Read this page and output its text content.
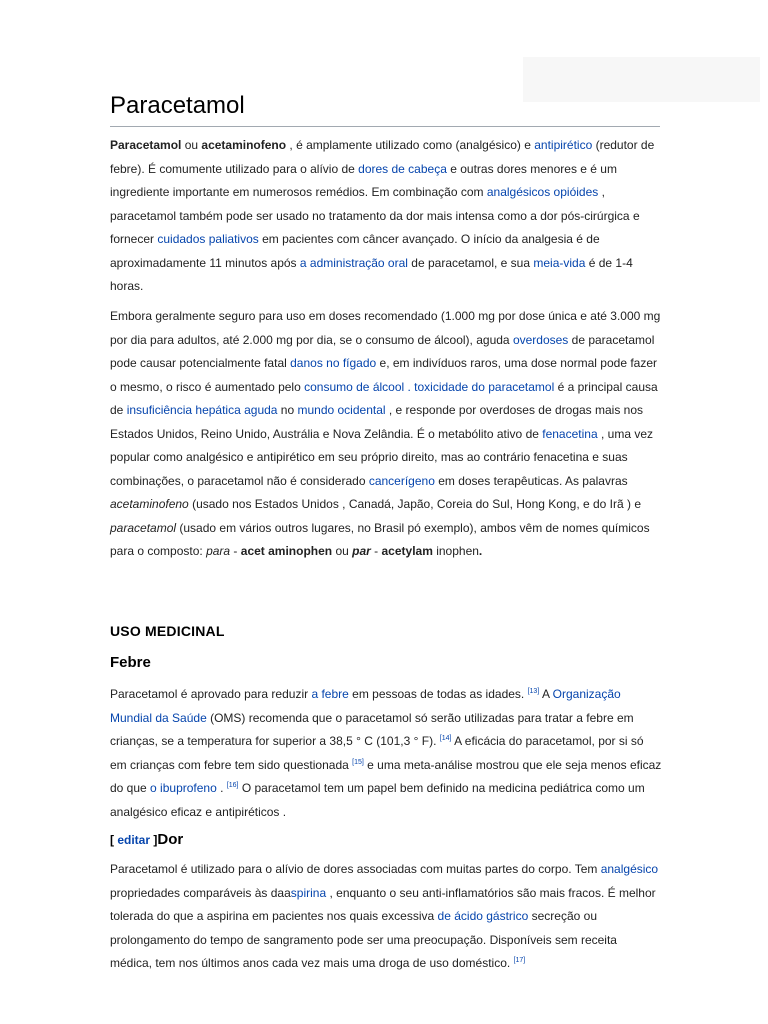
Paracetamol

Paracetamol ou acetaminofeno , é amplamente utilizado como (analgésico) e antipirético (redutor de febre). É comumente utilizado para o alívio de dores de cabeça e outras dores menores e é um ingrediente importante em numerosos remédios. Em combinação com analgésicos opióides , paracetamol também pode ser usado no tratamento da dor mais intensa como a dor pós-cirúrgica e fornecer cuidados paliativos em pacientes com câncer avançado. O início da analgesia é de aproximadamente 11 minutos após a administração oral de paracetamol, e sua meia-vida é de 1-4 horas.

Embora geralmente seguro para uso em doses recomendado (1.000 mg por dose única e até 3.000 mg por dia para adultos, até 2.000 mg por dia, se o consumo de álcool), aguda overdoses de paracetamol pode causar potencialmente fatal danos no fígado e, em indivíduos raros, uma dose normal pode fazer o mesmo, o risco é aumentado pelo consumo de álcool . toxicidade do paracetamol é a principal causa de insuficiência hepática aguda no mundo ocidental , e responde por overdoses de drogas mais nos Estados Unidos, Reino Unido, Austrália e Nova Zelândia. É o metabólito ativo de fenacetina , uma vez popular como analgésico e antipirético em seu próprio direito, mas ao contrário fenacetina e suas combinações, o paracetamol não é considerado cancerígeno em doses terapêuticas. As palavras acetaminofeno (usado nos Estados Unidos , Canadá, Japão, Coreia do Sul, Hong Kong, e do Irã ) e paracetamol (usado em vários outros lugares, no Brasil pó exemplo), ambos vêm de nomes químicos para o composto: para - acet aminophen ou par - acetylam inophen.

USO MEDICINAL
Febre

Paracetamol é aprovado para reduzir a febre em pessoas de todas as idades. [13] A Organização Mundial da Saúde (OMS) recomenda que o paracetamol só serão utilizadas para tratar a febre em crianças, se a temperatura for superior a 38,5 ° C (101,3 ° F). [14] A eficácia do paracetamol, por si só em crianças com febre tem sido questionada [15] e uma meta-análise mostrou que ele seja menos eficaz do que o ibuprofeno . [16] O paracetamol tem um papel bem definido na medicina pediátrica como um analgésico eficaz e antipiréticos .

[ editar ]Dor

Paracetamol é utilizado para o alívio de dores associadas com muitas partes do corpo. Tem analgésico propriedades comparáveis às daaspirina , enquanto o seu anti-inflamatórios são mais fracos. É melhor tolerada do que a aspirina em pacientes nos quais excessiva de ácido gástrico secreção ou prolongamento do tempo de sangramento pode ser uma preocupação. Disponíveis sem receita médica, tem nos últimos anos cada vez mais uma droga de uso doméstico. [17]
